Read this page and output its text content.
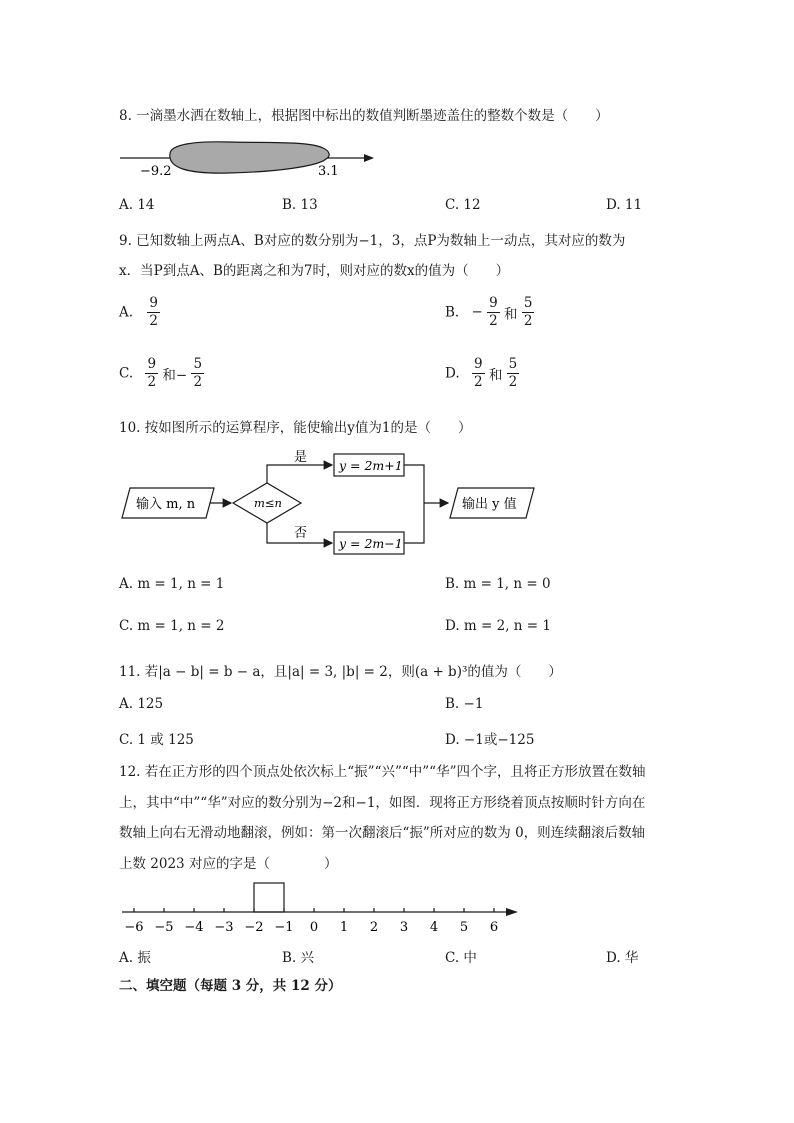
8. 一滴墨水洒在数轴上，根据图中标出的数值判断墨迹盖住的整数个数是（　　）
−9.2	3.1
A. 14	B. 13	C. 12	D. 11
9. 已知数轴上两点A、B对应的数分别为−1，3，点P为数轴上一动点，其对应的数为
x．当P到点A、B的距离之和为7时，则对应的数x的值为（　　）
A. $\frac{9}{2}$	B. − $\frac{9}{2}$ 和 $\frac{5}{2}$
C. $\frac{9}{2}$ 和− $\frac{5}{2}$	D. $\frac{9}{2}$ 和 $\frac{5}{2}$
10. 按如图所示的运算程序，能使输出y值为1的是（　　）
输入 m, n	m≤n
是
否
y = 2m+1
y = 2m−1
输出 y 值
A. m = 1, n = 1	B. m = 1, n = 0
C. m = 1, n = 2	D. m = 2, n = 1
11. 若|a − b| = b − a，且|a| = 3, |b| = 2，则(a + b)³的值为（　　）
A. 125	B. −1
C. 1 或 125	D. −1或−125
12. 若在正方形的四个顶点处依次标上“振”“兴”“中”“华”四个字，且将正方形放置在数轴
上，其中“中”“华”对应的数分别为−2和−1，如图．现将正方形绕着顶点按顺时针方向在
数轴上向右无滑动地翻滚，例如：第一次翻滚后“振”所对应的数为 0，则连续翻滚后数轴
上数 2023 对应的字是（　　　　）
−6 −5 −4 −3 −2 −1 0 1 2 3 4 5 6
A. 振	B. 兴	C. 中	D. 华
二、填空题（每题 3 分，共 12 分）
